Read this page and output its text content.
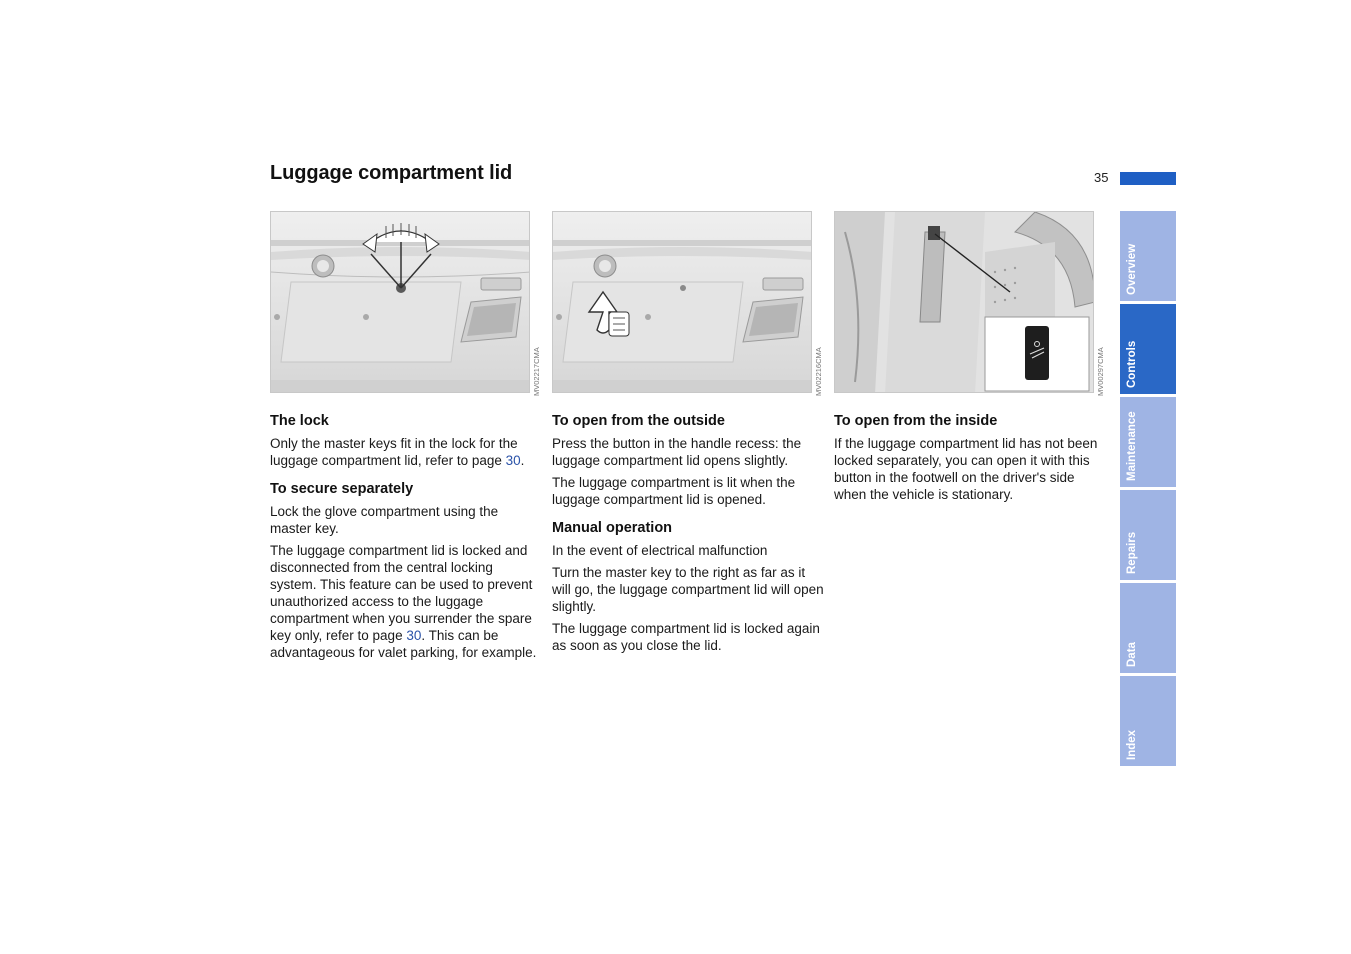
Luggage compartment lid	35
MV02217CMA	MV02216CMA	MV00297CMA
The lock

Only the master keys fit in the lock for the luggage compartment lid, refer to page 30.

To secure separately

Lock the glove compartment using the master key.

The luggage compartment lid is locked and disconnected from the central locking system. This feature can be used to prevent unauthorized access to the luggage compartment when you surrender the spare key only, refer to page 30. This can be advantageous for valet parking, for example.

To open from the outside

Press the button in the handle recess: the luggage compartment lid opens slightly.

The luggage compartment is lit when the luggage compartment lid is opened.

Manual operation

In the event of electrical malfunction

Turn the master key to the right as far as it will go, the luggage compartment lid will open slightly.

The luggage compartment lid is locked again as soon as you close the lid.

To open from the inside

If the luggage compartment lid has not been locked separately, you can open it with this button in the footwell on the driver's side when the vehicle is stationary.

Overview
Controls
Maintenance
Repairs
Data
Index
